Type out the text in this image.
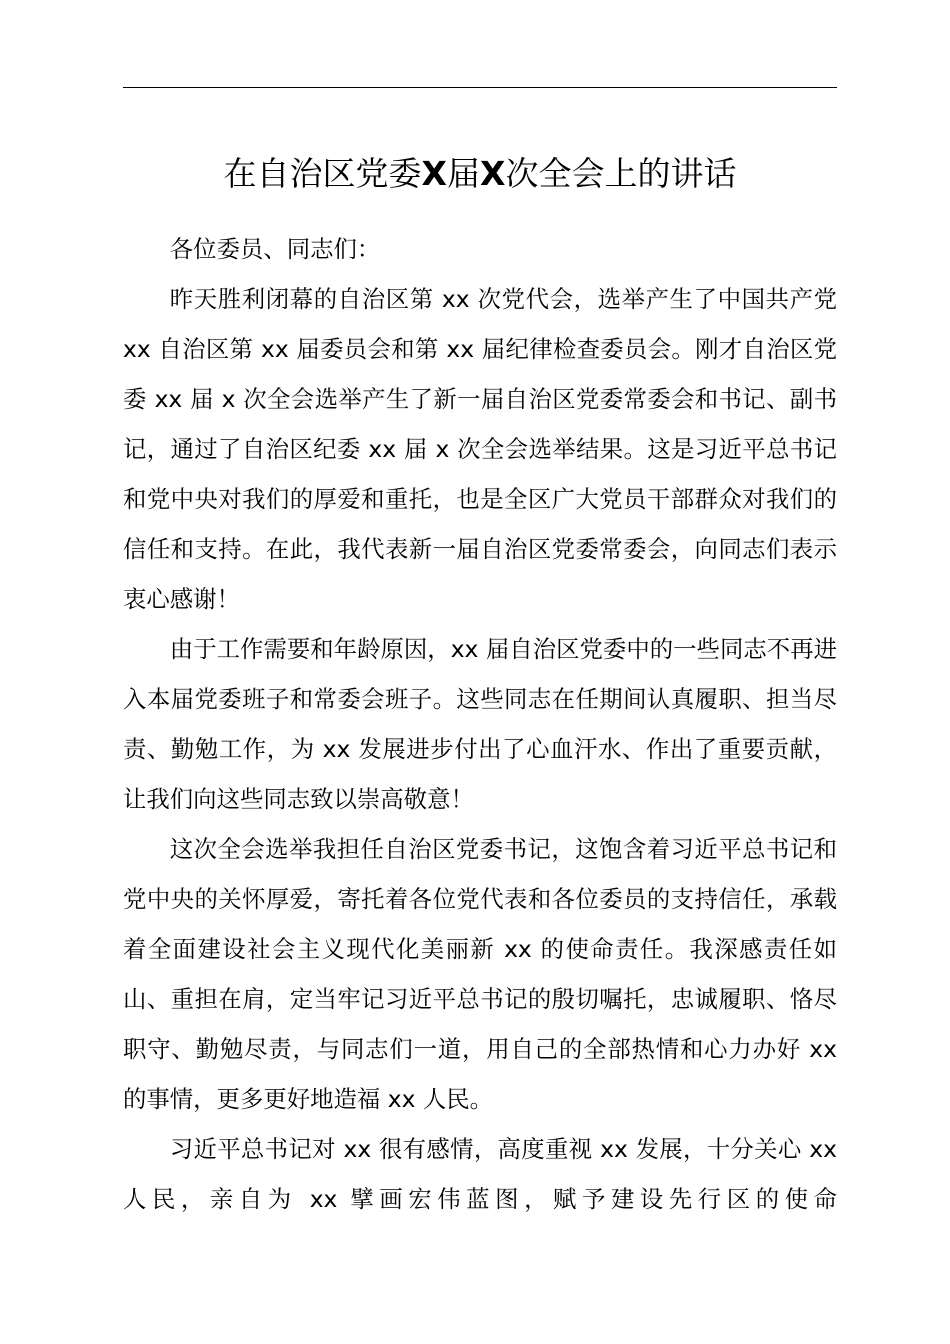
在自治区党委X届X次全会上的讲话

各位委员、同志们：

昨天胜利闭幕的自治区第 xx 次党代会，选举产生了中国共产党 xx 自治区第 xx 届委员会和第 xx 届纪律检查委员会。刚才自治区党委 xx 届 x 次全会选举产生了新一届自治区党委常委会和书记、副书记，通过了自治区纪委 xx 届 x 次全会选举结果。这是习近平总书记和党中央对我们的厚爱和重托，也是全区广大党员干部群众对我们的信任和支持。在此，我代表新一届自治区党委常委会，向同志们表示衷心感谢！

由于工作需要和年龄原因，xx 届自治区党委中的一些同志不再进入本届党委班子和常委会班子。这些同志在任期间认真履职、担当尽责、勤勉工作，为 xx 发展进步付出了心血汗水、作出了重要贡献，让我们向这些同志致以崇高敬意！

这次全会选举我担任自治区党委书记，这饱含着习近平总书记和党中央的关怀厚爱，寄托着各位党代表和各位委员的支持信任，承载着全面建设社会主义现代化美丽新 xx 的使命责任。我深感责任如山、重担在肩，定当牢记习近平总书记的殷切嘱托，忠诚履职、恪尽职守、勤勉尽责，与同志们一道，用自己的全部热情和心力办好 xx 的事情，更多更好地造福 xx 人民。

习近平总书记对 xx 很有感情，高度重视 xx 发展，十分关心 xx 人民，亲自为 xx 擘画宏伟蓝图，赋予建设先行区的使命
